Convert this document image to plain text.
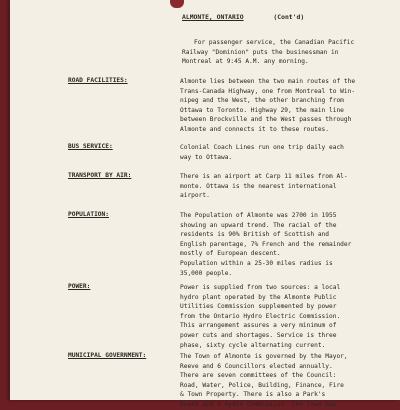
ALMONTE, ONTARIO	(Cont'd)

For passenger service, the Canadian Pacific

Railway "Dominion" puts the businessman in

Montreal at 9:45 A.M. any morning.

ROAD FACILITIES:	Almonte lies between the two main routes of the
Trans-Canada Highway, one from Montreal to Win-
nipeg and the West, the other branching from
Ottawa to Toronto. Highway 29, the main line
between Brockville and the West passes through
Almonte and connects it to these routes.
BUS SERVICE:	Colonial Coach Lines run one trip daily each
way to Ottawa.
TRANSPORT BY AIR:	There is an airport at Carp 11 miles from Al-
monte. Ottawa is the nearest international
airport.
POPULATION:	The Population of Almonte was 2700 in 1955
showing an upward trend. The racial of the
residents is 90% British of Scottish and
English parentage, 7% French and the remainder
mostly of European descent.
Population within a 25-30 miles radius is
35,000 people.
POWER:	Power is supplied from two sources: a local
hydro plant operated by the Almonte Public
Utilities Commission supplemented by power
from the Ontario Hydro Electric Commission.
This arrangement assures a very minimum of
power cuts and shortages. Service is three
phase, sixty cycle alternating current.
MUNICIPAL GOVERNMENT:	The Town of Almonte is governed by the Mayor,
Reeve and 6 Councillors elected annually.
There are seven committees of the Council:
Road, Water, Police, Building, Finance, Fire
& Town Property. There is also a Park's
Board and a Hydro Commission. The Town has
